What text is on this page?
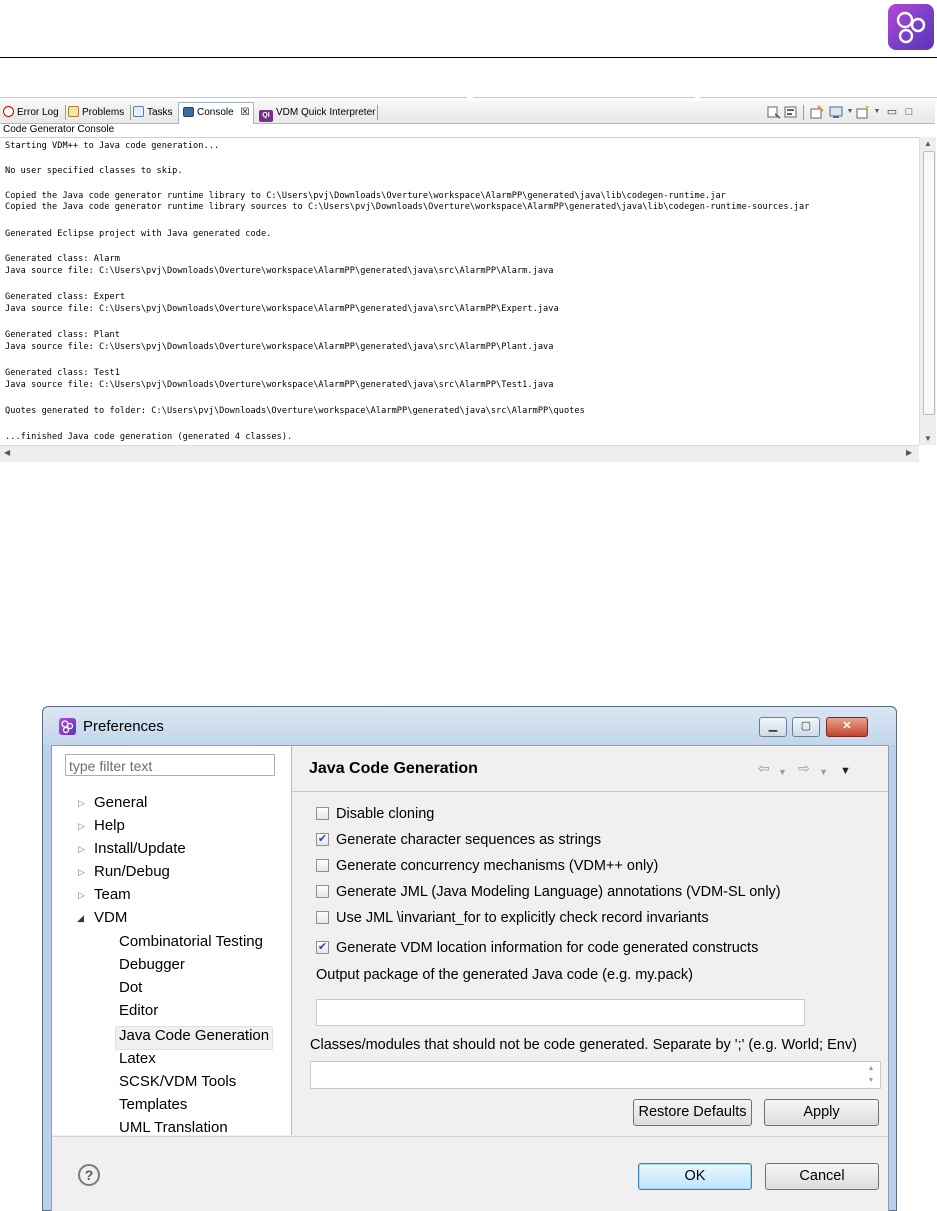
Error Log	Problems	Tasks	Console ☒	QI VDM Quick Interpreter	▼	▼ ▭ □
Code Generator Console
Starting VDM++ to Java code generation...
No user specified classes to skip.
Copied the Java code generator runtime library to C:\Users\pvj\Downloads\Overture\workspace\AlarmPP\generated\java\lib\codegen-runtime.jar
Copied the Java code generator runtime library sources to C:\Users\pvj\Downloads\Overture\workspace\AlarmPP\generated\java\lib\codegen-runtime-sources.jar
Generated Eclipse project with Java generated code.
Generated class: Alarm
Java source file: C:\Users\pvj\Downloads\Overture\workspace\AlarmPP\generated\java\src\AlarmPP\Alarm.java
Generated class: Expert
Java source file: C:\Users\pvj\Downloads\Overture\workspace\AlarmPP\generated\java\src\AlarmPP\Expert.java
Generated class: Plant
Java source file: C:\Users\pvj\Downloads\Overture\workspace\AlarmPP\generated\java\src\AlarmPP\Plant.java
Generated class: Test1
Java source file: C:\Users\pvj\Downloads\Overture\workspace\AlarmPP\generated\java\src\AlarmPP\Test1.java
Quotes generated to folder: C:\Users\pvj\Downloads\Overture\workspace\AlarmPP\generated\java\src\AlarmPP\quotes
...finished Java code generation (generated 4 classes).
▲
▼
◀	▶
Preferences	▁	▢	✕
type filter text
▷ General
▷ Help
▷ Install/Update
▷ Run/Debug
▷ Team
◢ VDM
Combinatorial Testing
Debugger
Dot
Editor
Java Code Generation
Latex
SCSK/VDM Tools
Templates
UML Translation
Java Code Generation	⇦ ▼ ⇨ ▼ ▼
Disable cloning
✔ Generate character sequences as strings
Generate concurrency mechanisms (VDM++ only)
Generate JML (Java Modeling Language) annotations (VDM-SL only)
Use JML \invariant_for to explicitly check record invariants
✔ Generate VDM location information for code generated constructs
Output package of the generated Java code (e.g. my.pack)
Classes/modules that should not be code generated. Separate by ';' (e.g. World; Env)
▲
▼
Restore Defaults	Apply
?	OK	Cancel
